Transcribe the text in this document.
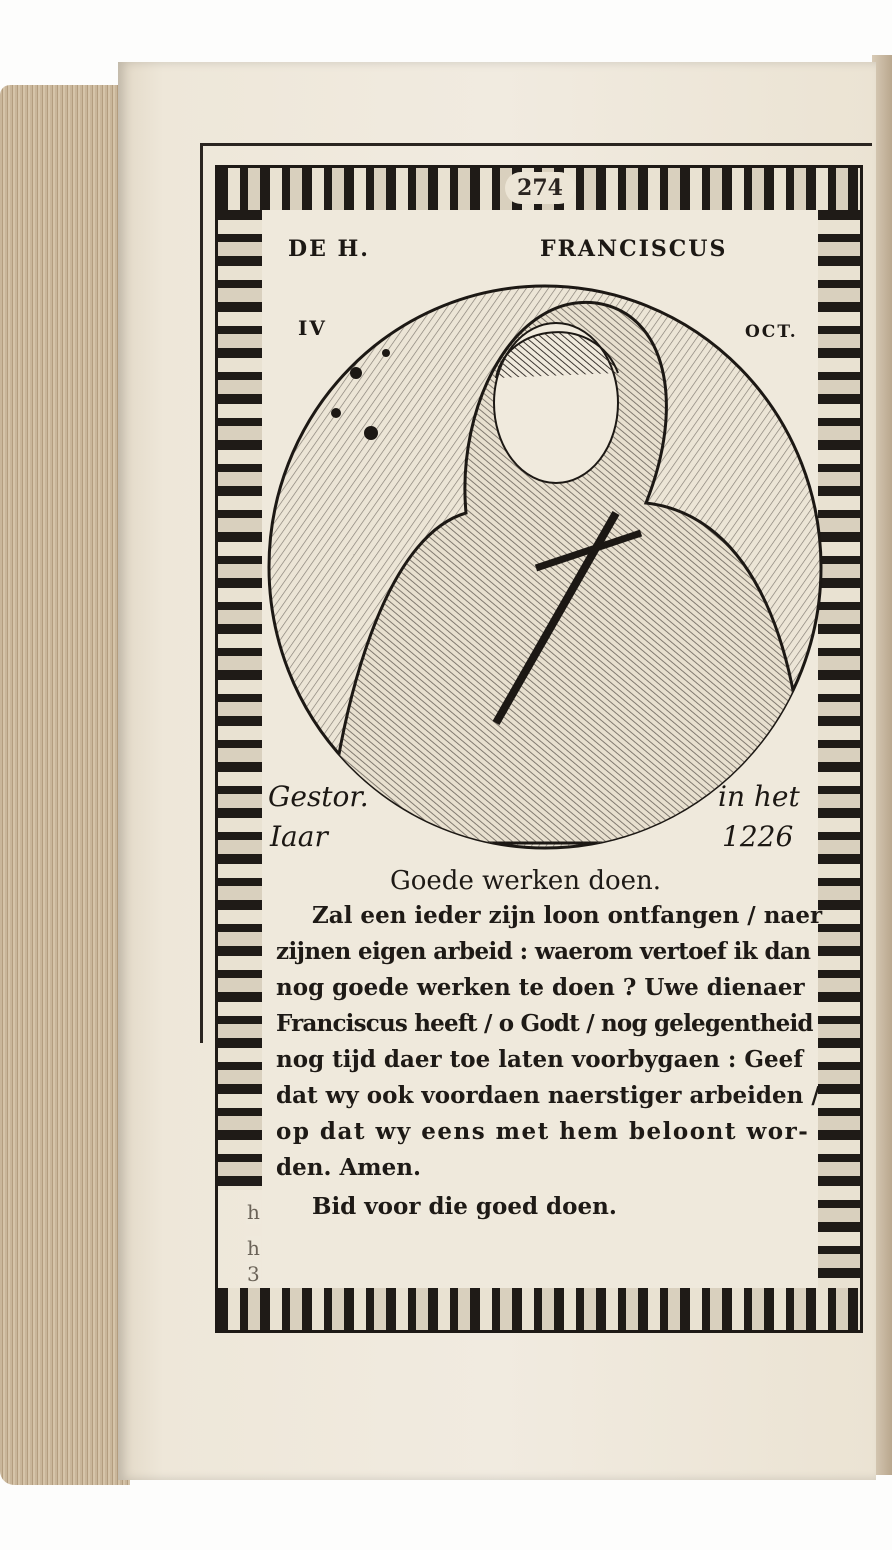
274
h
h
3
DE H.	FRANCISCUS
IV	OCT.
Gestor.	in het
Iaar	1226
Goede werken doen.
Zal een ieder zijn loon ontfangen / naer
zijnen eigen arbeid : waerom vertoef ik dan
nog goede werken te doen ? Uwe dienaer
Franciscus heeft / o Godt / nog gelegentheid
nog tijd daer toe laten voorbygaen : Geef
dat wy ook voordaen naerstiger arbeiden /
op dat wy eens met hem beloont wor-
den. Amen.
Bid voor die goed doen.
